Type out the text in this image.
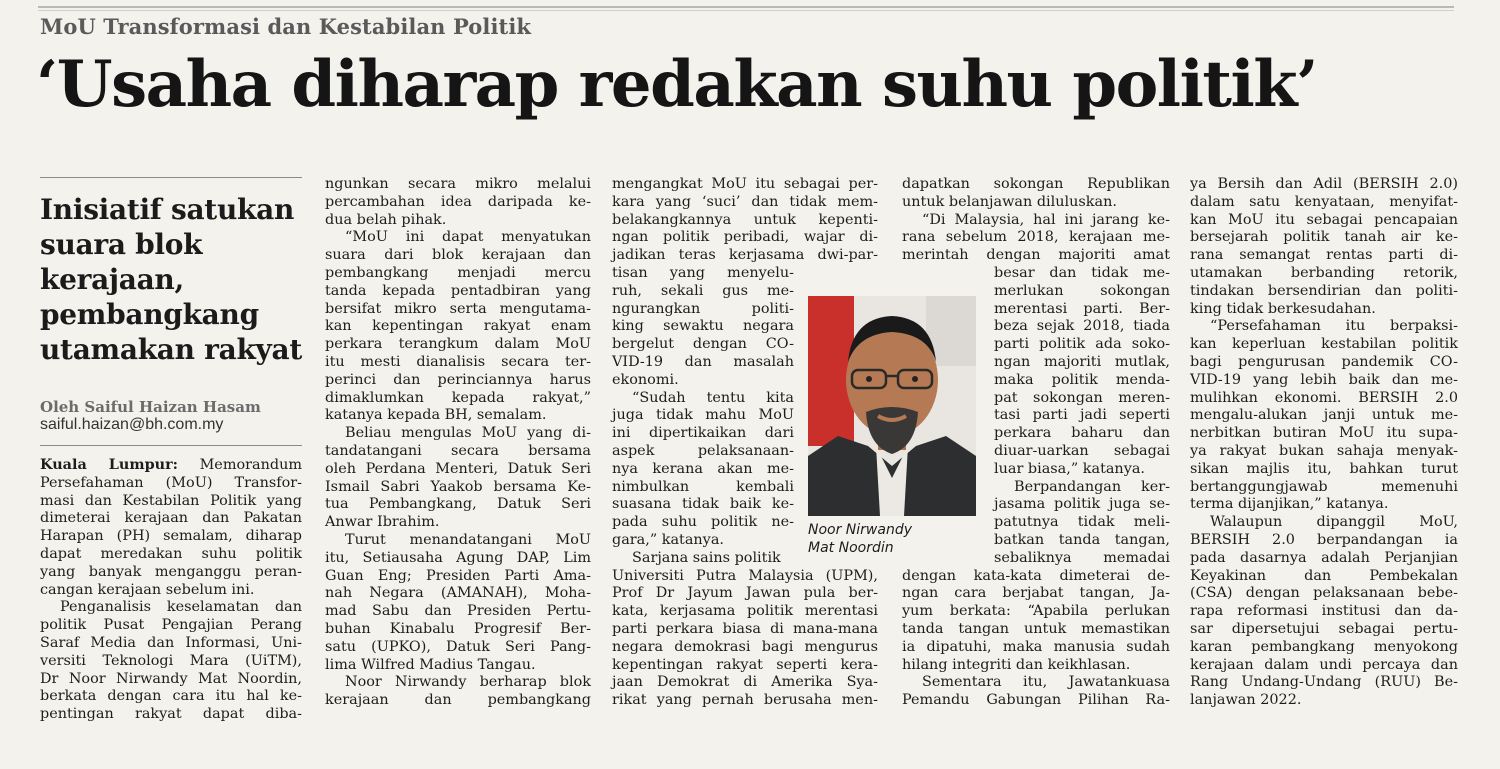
MoU Transformasi dan Kestabilan Politik
‘Usaha diharap redakan suhu politik’
Inisiatif satukan
suara blok
kerajaan,
pembangkang
utamakan rakyat
Oleh Saiful Haizan Hasam
saiful.haizan@bh.com.my

Kuala Lumpur: Memorandum

Persefahaman (MoU) Transfor-

masi dan Kestabilan Politik yang

dimeterai kerajaan dan Pakatan

Harapan (PH) semalam, diharap

dapat meredakan suhu politik

yang banyak menganggu peran-

cangan kerajaan sebelum ini.

Penganalisis keselamatan dan

politik Pusat Pengajian Perang

Saraf Media dan Informasi, Uni-

versiti Teknologi Mara (UiTM),

Dr Noor Nirwandy Mat Noordin,

berkata dengan cara itu hal ke-

pentingan rakyat dapat diba-

ngunkan secara mikro melalui

percambahan idea daripada ke-

dua belah pihak.

“MoU ini dapat menyatukan

suara dari blok kerajaan dan

pembangkang menjadi mercu

tanda kepada pentadbiran yang

bersifat mikro serta mengutama-

kan kepentingan rakyat enam

perkara terangkum dalam MoU

itu mesti dianalisis secara ter-

perinci dan perinciannya harus

dimaklumkan kepada rakyat,”

katanya kepada BH, semalam.

Beliau mengulas MoU yang di-

tandatangani secara bersama

oleh Perdana Menteri, Datuk Seri

Ismail Sabri Yaakob bersama Ke-

tua Pembangkang, Datuk Seri

Anwar Ibrahim.

Turut menandatangani MoU

itu, Setiausaha Agung DAP, Lim

Guan Eng; Presiden Parti Ama-

nah Negara (AMANAH), Moha-

mad Sabu dan Presiden Pertu-

buhan Kinabalu Progresif Ber-

satu (UPKO), Datuk Seri Pang-

lima Wilfred Madius Tangau.

Noor Nirwandy berharap blok

kerajaan dan pembangkang

mengangkat MoU itu sebagai per-

kara yang ‘suci’ dan tidak mem-

belakangkannya untuk kepenti-

ngan politik peribadi, wajar di-

jadikan teras kerjasama dwi-par-

tisan yang menyelu-

ruh, sekali gus me-

ngurangkan politi-

king sewaktu negara

bergelut dengan CO-

VID-19 dan masalah

ekonomi.

“Sudah tentu kita

juga tidak mahu MoU

ini dipertikaikan dari

aspek pelaksanaan-

nya kerana akan me-

nimbulkan kembali

suasana tidak baik ke-

pada suhu politik ne-

gara,” katanya.

Sarjana sains politik

Universiti Putra Malaysia (UPM),

Prof Dr Jayum Jawan pula ber-

kata, kerjasama politik merentasi

parti perkara biasa di mana-mana

negara demokrasi bagi mengurus

kepentingan rakyat seperti kera-

jaan Demokrat di Amerika Sya-

rikat yang pernah berusaha men-

dapatkan sokongan Republikan

untuk belanjawan diluluskan.

“Di Malaysia, hal ini jarang ke-

rana sebelum 2018, kerajaan me-

merintah dengan majoriti amat

besar dan tidak me-

merlukan sokongan

merentasi parti. Ber-

beza sejak 2018, tiada

parti politik ada soko-

ngan majoriti mutlak,

maka politik menda-

pat sokongan meren-

tasi parti jadi seperti

perkara baharu dan

diuar-uarkan sebagai

luar biasa,” katanya.

Berpandangan ker-

jasama politik juga se-

patutnya tidak meli-

batkan tanda tangan,

sebaliknya memadai

dengan kata-kata dimeterai de-

ngan cara berjabat tangan, Ja-

yum berkata: “Apabila perlukan

tanda tangan untuk memastikan

ia dipatuhi, maka manusia sudah

hilang integriti dan keikhlasan.

Sementara itu, Jawatankuasa

Pemandu Gabungan Pilihan Ra-

ya Bersih dan Adil (BERSIH 2.0)

dalam satu kenyataan, menyifat-

kan MoU itu sebagai pencapaian

bersejarah politik tanah air ke-

rana semangat rentas parti di-

utamakan berbanding retorik,

tindakan bersendirian dan politi-

king tidak berkesudahan.

“Persefahaman itu berpaksi-

kan keperluan kestabilan politik

bagi pengurusan pandemik CO-

VID-19 yang lebih baik dan me-

mulihkan ekonomi. BERSIH 2.0

mengalu-alukan janji untuk me-

nerbitkan butiran MoU itu supa-

ya rakyat bukan sahaja menyak-

sikan majlis itu, bahkan turut

bertanggungjawab memenuhi

terma dijanjikan,” katanya.

Walaupun dipanggil MoU,

BERSIH 2.0 berpandangan ia

pada dasarnya adalah Perjanjian

Keyakinan dan Pembekalan

(CSA) dengan pelaksanaan bebe-

rapa reformasi institusi dan da-

sar dipersetujui sebagai pertu-

karan pembangkang menyokong

kerajaan dalam undi percaya dan

Rang Undang-Undang (RUU) Be-

lanjawan 2022.

Noor Nirwandy
Mat Noordin
